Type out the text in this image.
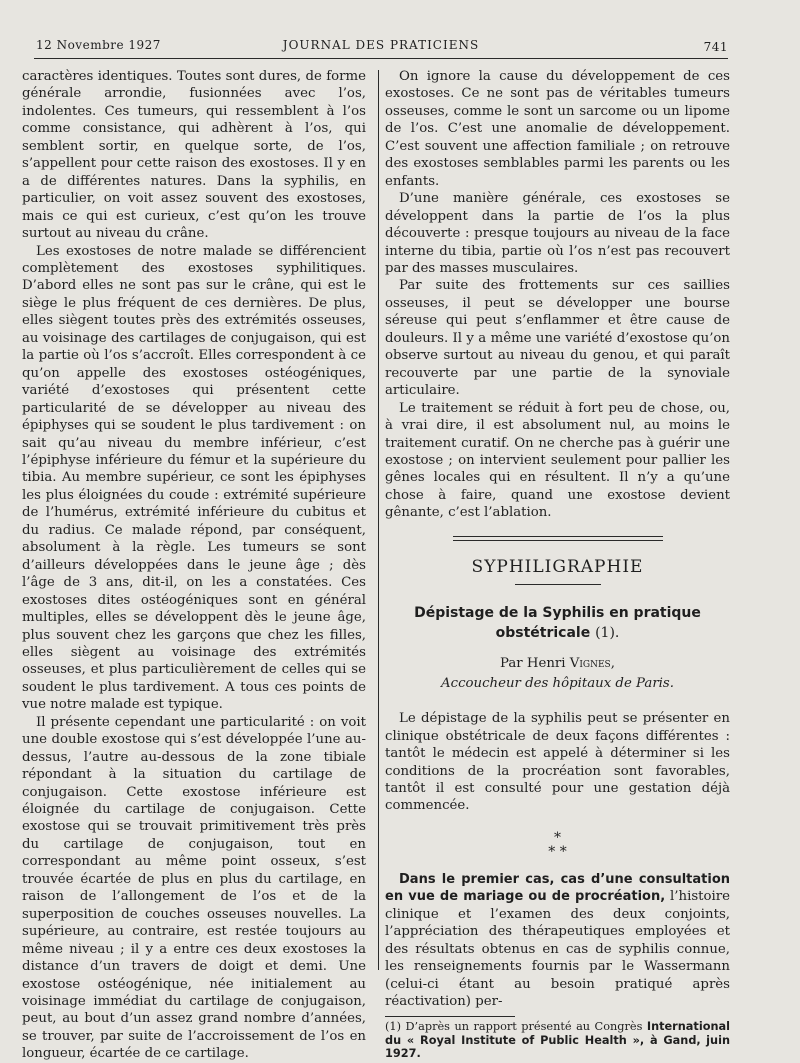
12 Novembre 1927	JOURNAL DES PRATICIENS	741

caractères identiques. Toutes sont dures, de forme générale arrondie, fusionnées avec l’os, indolentes. Ces tumeurs, qui ressemblent à l’os comme consistance, qui adhèrent à l’os, qui semblent sortir, en quelque sorte, de l’os, s’appellent pour cette raison des exostoses. Il y en a de différentes natures. Dans la syphilis, en particulier, on voit assez souvent des exostoses, mais ce qui est curieux, c’est qu’on les trouve surtout au niveau du crâne.

Les exostoses de notre malade se différencient complètement des exostoses syphilitiques. D’abord elles ne sont pas sur le crâne, qui est le siège le plus fréquent de ces dernières. De plus, elles siègent toutes près des extrémités osseuses, au voisinage des cartilages de conjugaison, qui est la partie où l’os s’accroît. Elles correspondent à ce qu’on appelle des exostoses ostéogéniques, variété d’exostoses qui présentent cette particularité de se développer au niveau des épiphyses qui se soudent le plus tardivement : on sait qu’au niveau du membre inférieur, c’est l’épiphyse inférieure du fémur et la supérieure du tibia. Au membre supérieur, ce sont les épiphyses les plus éloignées du coude : extrémité supérieure de l’humérus, extrémité inférieure du cubitus et du radius. Ce malade répond, par conséquent, absolument à la règle. Les tumeurs se sont d’ailleurs développées dans le jeune âge ; dès l’âge de 3 ans, dit-il, on les a constatées. Ces exostoses dites ostéogéniques sont en général multiples, elles se développent dès le jeune âge, plus souvent chez les garçons que chez les filles, elles siègent au voisinage des extrémités osseuses, et plus particulièrement de celles qui se soudent le plus tardivement. A tous ces points de vue notre malade est typique.

Il présente cependant une particularité : on voit une double exostose qui s’est développée l’une au-dessus, l’autre au-dessous de la zone tibiale répondant à la situation du cartilage de conjugaison. Cette exostose inférieure est éloignée du cartilage de conjugaison. Cette exostose qui se trouvait primitivement très près du cartilage de conjugaison, tout en correspondant au même point osseux, s’est trouvée écartée de plus en plus du cartilage, en raison de l’allongement de l’os et de la superposition de couches osseuses nouvelles. La supérieure, au contraire, est restée toujours au même niveau ; il y a entre ces deux exostoses la distance d’un travers de doigt et demi. Une exostose ostéogénique, née initialement au voisinage immédiat du cartilage de conjugaison, peut, au bout d’un assez grand nombre d’années, se trouver, par suite de l’accroissement de l’os en longueur, écartée de ce cartilage.

On ignore la cause du développement de ces exostoses. Ce ne sont pas de véritables tumeurs osseuses, comme le sont un sarcome ou un lipome de l’os. C’est une anomalie de développement. C’est souvent une affection familiale ; on retrouve des exostoses semblables parmi les parents ou les enfants.

D’une manière générale, ces exostoses se développent dans la partie de l’os la plus découverte : presque toujours au niveau de la face interne du tibia, partie où l’os n’est pas recouvert par des masses musculaires.

Par suite des frottements sur ces saillies osseuses, il peut se développer une bourse séreuse qui peut s’enflammer et être cause de douleurs. Il y a même une variété d’exostose qu’on observe surtout au niveau du genou, et qui paraît recouverte par une partie de la synoviale articulaire.

Le traitement se réduit à fort peu de chose, ou, à vrai dire, il est absolument nul, au moins le traitement curatif. On ne cherche pas à guérir une exostose ; on intervient seulement pour pallier les gênes locales qui en résultent. Il n’y a qu’une chose à faire, quand une exostose devient gênante, c’est l’ablation.

SYPHILIGRAPHIE
Dépistage de la Syphilis en pratique obstétricale (1).
Par Henri Vignes,
Accoucheur des hôpitaux de Paris.

Le dépistage de la syphilis peut se présenter en clinique obstétricale de deux façons différentes : tantôt le médecin est appelé à déterminer si les conditions de la procréation sont favorables, tantôt il est consulté pour une gestation déjà commencée.

*
* *

Dans le premier cas, cas d’une consultation en vue de mariage ou de procréation, l’histoire clinique et l’examen des deux conjoints, l’appréciation des thérapeutiques employées et des résultats obtenus en cas de syphilis connue, les renseignements fournis par le Wassermann (celui-ci étant au besoin pratiqué après réactivation) per-

(1) D’après un rapport présenté au Congrès International du « Royal Institute of Public Health », à Gand, juin 1927.
